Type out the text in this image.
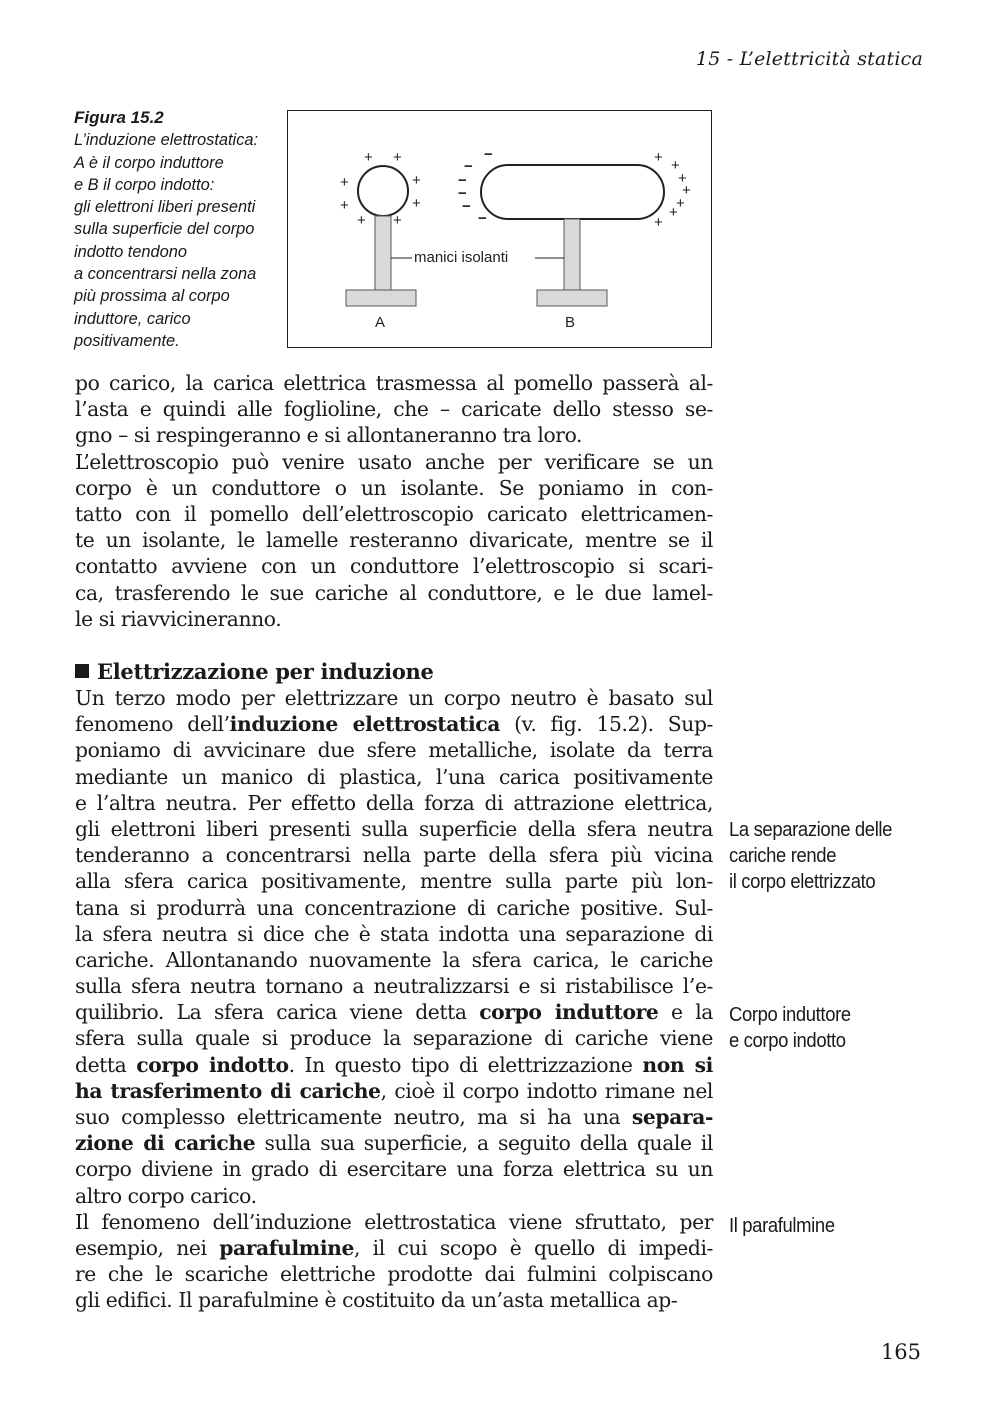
15 - L’elettricità statica
Figura 15.2
L’induzione elettrostatica:
A è il corpo induttore
e B il corpo indotto:
gli elettroni liberi presenti
sulla superficie del corpo
indotto tendono
a concentrarsi nella zona
più prossima al corpo
induttore, carico
positivamente.
manici isolanti
A	B
+ +
+	+
+	+
+ +
+ +
+
+
+
+
+
−
−
−
−
−
−
po carico, la carica elettrica trasmessa al pomello passerà al-
l’asta e quindi alle foglioline, che – caricate dello stesso se-
gno – si respingeranno e si allontaneranno tra loro.
L’elettroscopio può venire usato anche per verificare se un
corpo è un conduttore o un isolante. Se poniamo in con-
tatto con il pomello dell’elettroscopio caricato elettricamen-
te un isolante, le lamelle resteranno divaricate, mentre se il
contatto avviene con un conduttore l’elettroscopio si scari-
ca, trasferendo le sue cariche al conduttore, e le due lamel-
le si riavvicineranno.
Elettrizzazione per induzione
Un terzo modo per elettrizzare un corpo neutro è basato sul
fenomeno dell’induzione elettrostatica (v. fig. 15.2). Sup-
poniamo di avvicinare due sfere metalliche, isolate da terra
mediante un manico di plastica, l’una carica positivamente
e l’altra neutra. Per effetto della forza di attrazione elettrica,
gli elettroni liberi presenti sulla superficie della sfera neutra
tenderanno a concentrarsi nella parte della sfera più vicina
alla sfera carica positivamente, mentre sulla parte più lon-
tana si produrrà una concentrazione di cariche positive. Sul-
la sfera neutra si dice che è stata indotta una separazione di
cariche. Allontanando nuovamente la sfera carica, le cariche
sulla sfera neutra tornano a neutralizzarsi e si ristabilisce l’e-
quilibrio. La sfera carica viene detta corpo induttore e la
sfera sulla quale si produce la separazione di cariche viene
detta corpo indotto. In questo tipo di elettrizzazione non si
ha trasferimento di cariche, cioè il corpo indotto rimane nel
suo complesso elettricamente neutro, ma si ha una separa-
zione di cariche sulla sua superficie, a seguito della quale il
corpo diviene in grado di esercitare una forza elettrica su un
altro corpo carico.
Il fenomeno dell’induzione elettrostatica viene sfruttato, per
esempio, nei parafulmine, il cui scopo è quello di impedi-
re che le scariche elettriche prodotte dai fulmini colpiscano
gli edifici. Il parafulmine è costituito da un’asta metallica ap-
La separazione delle
cariche rende
il corpo elettrizzato
Corpo induttore
e corpo indotto
Il parafulmine
165
